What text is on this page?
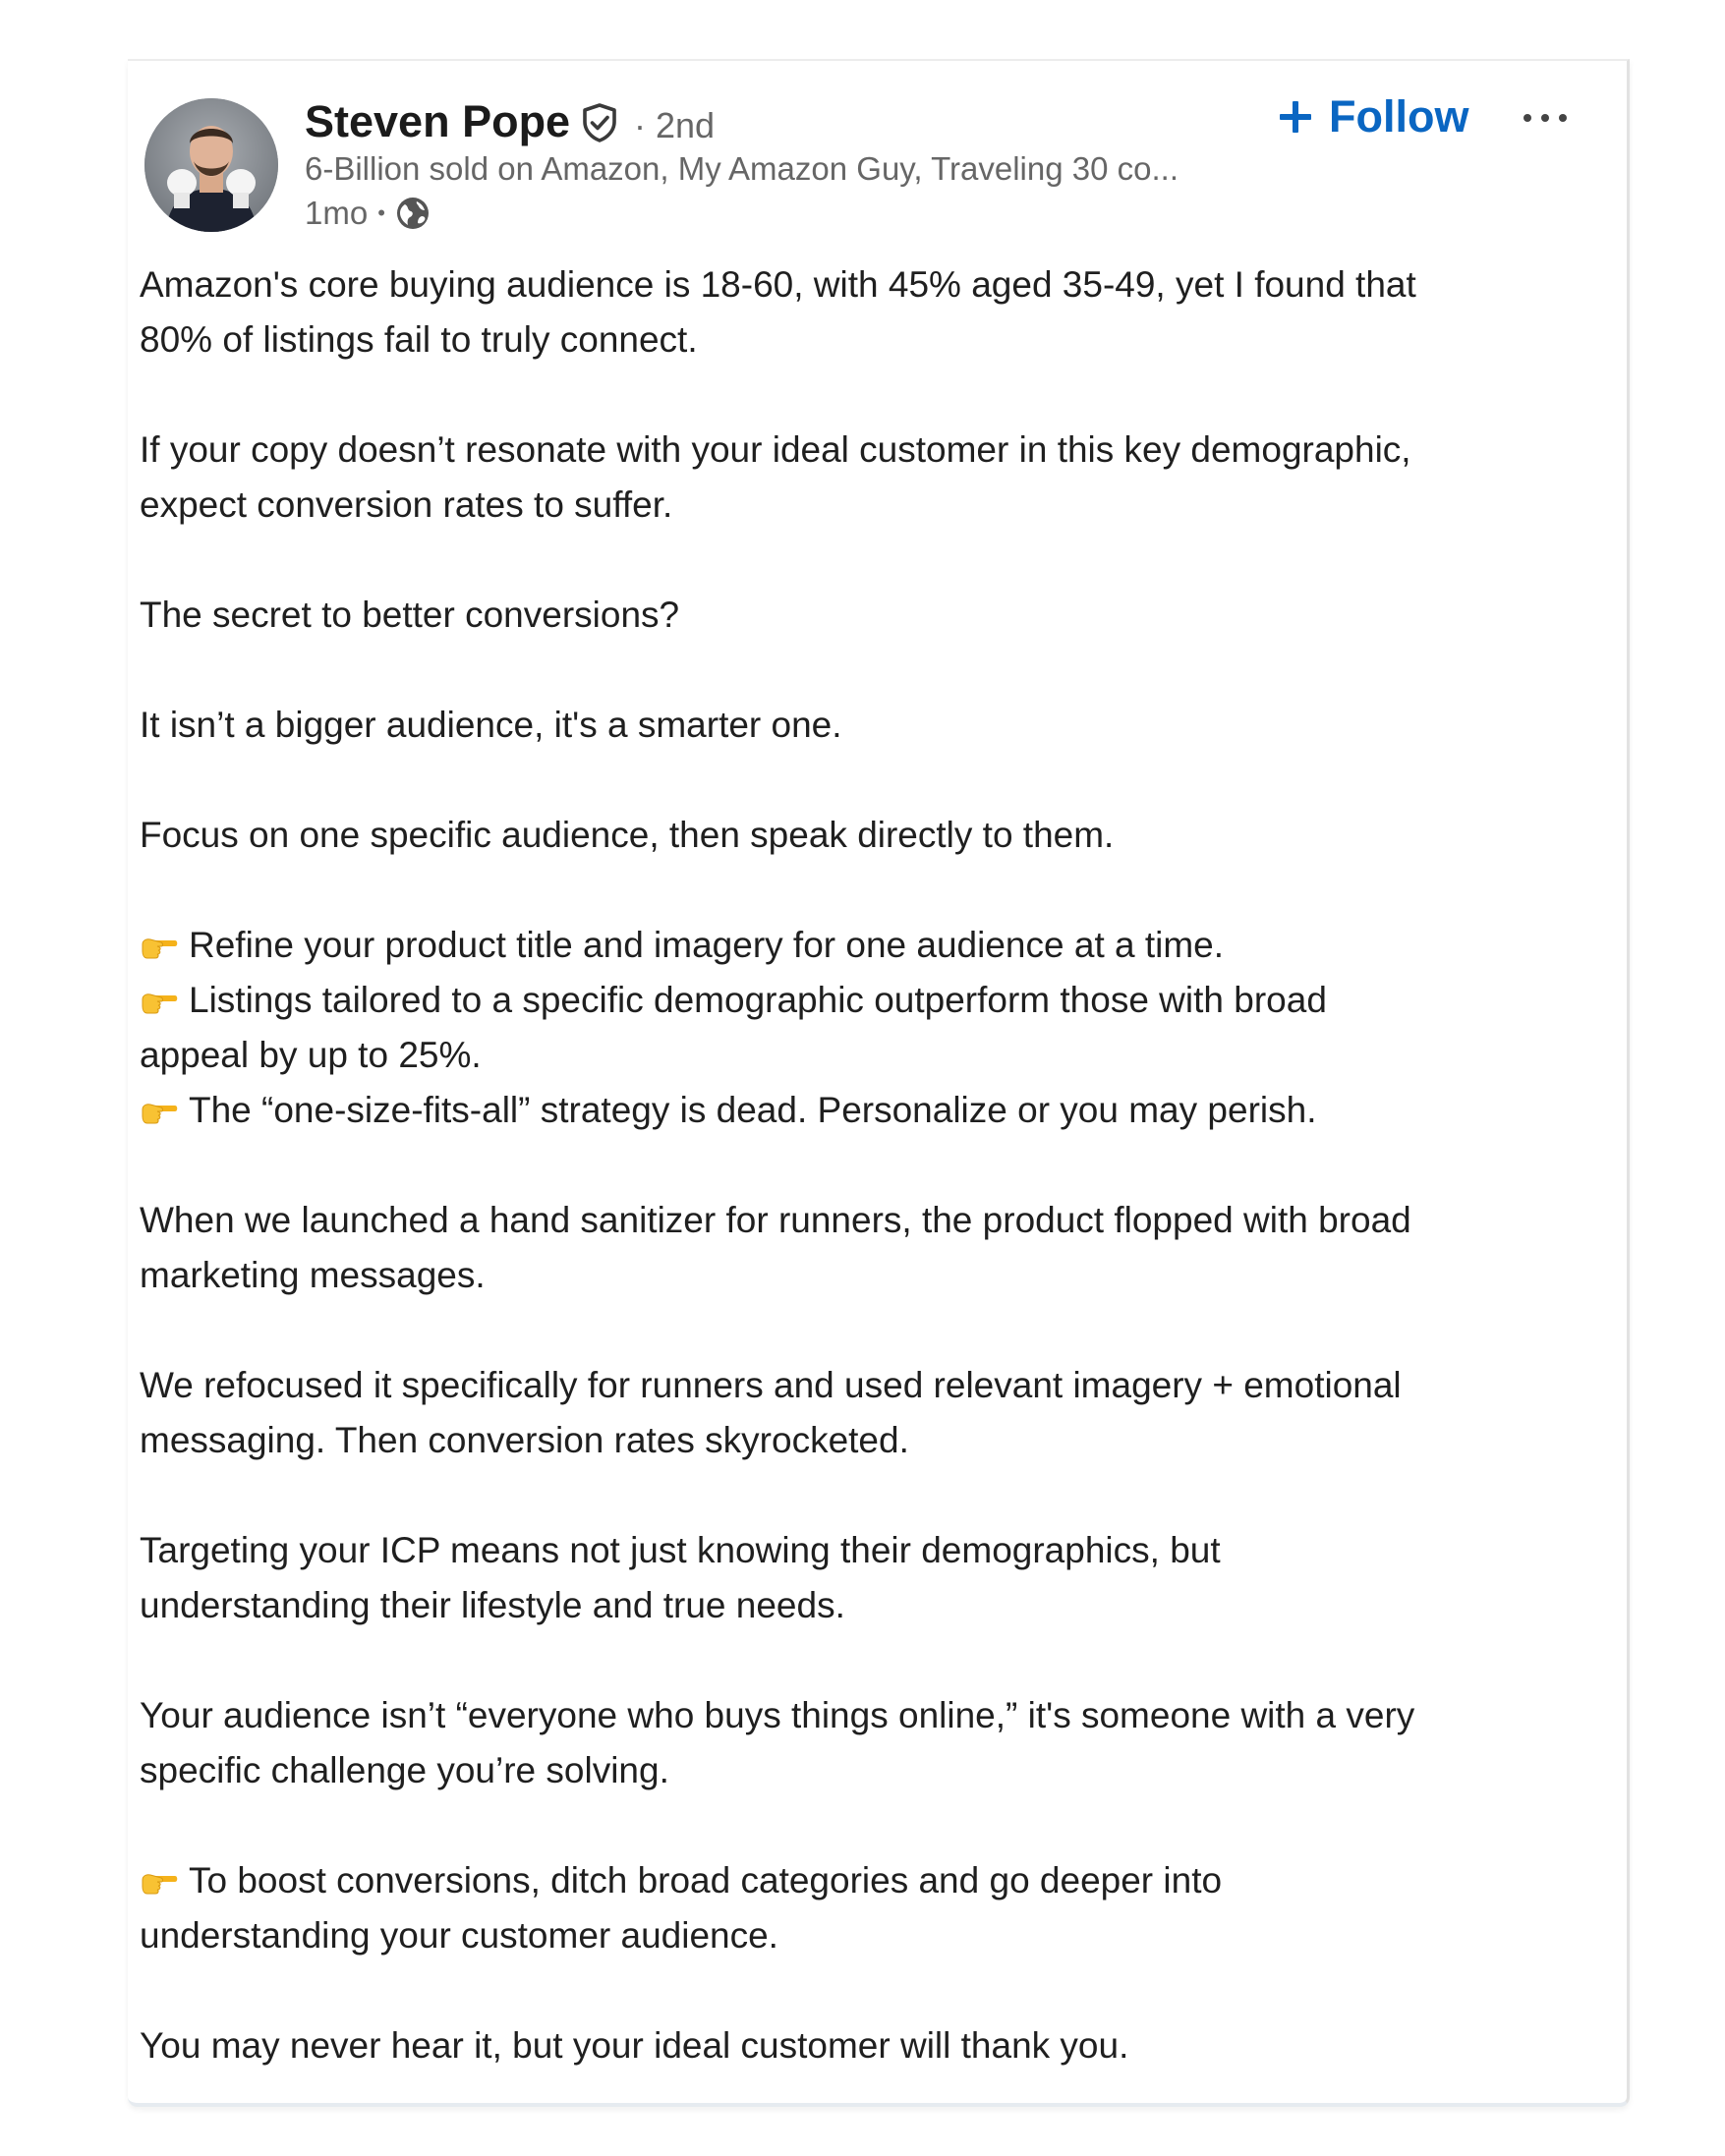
Steven Pope · 2nd
6-Billion sold on Amazon, My Amazon Guy, Traveling 30 co...
1mo •
Follow
Amazon's core buying audience is 18-60, with 45% aged 35-49, yet I found that
80% of listings fail to truly connect.
If your copy doesn’t resonate with your ideal customer in this key demographic,
expect conversion rates to suffer.
The secret to better conversions?
It isn’t a bigger audience, it's a smarter one.
Focus on one specific audience, then speak directly to them.
Refine your product title and imagery for one audience at a time.
Listings tailored to a specific demographic outperform those with broad
appeal by up to 25%.
The “one-size-fits-all” strategy is dead. Personalize or you may perish.
When we launched a hand sanitizer for runners, the product flopped with broad
marketing messages.
We refocused it specifically for runners and used relevant imagery + emotional
messaging. Then conversion rates skyrocketed.
Targeting your ICP means not just knowing their demographics, but
understanding their lifestyle and true needs.
Your audience isn’t “everyone who buys things online,” it's someone with a very
specific challenge you’re solving.
To boost conversions, ditch broad categories and go deeper into
understanding your customer audience.
You may never hear it, but your ideal customer will thank you.
